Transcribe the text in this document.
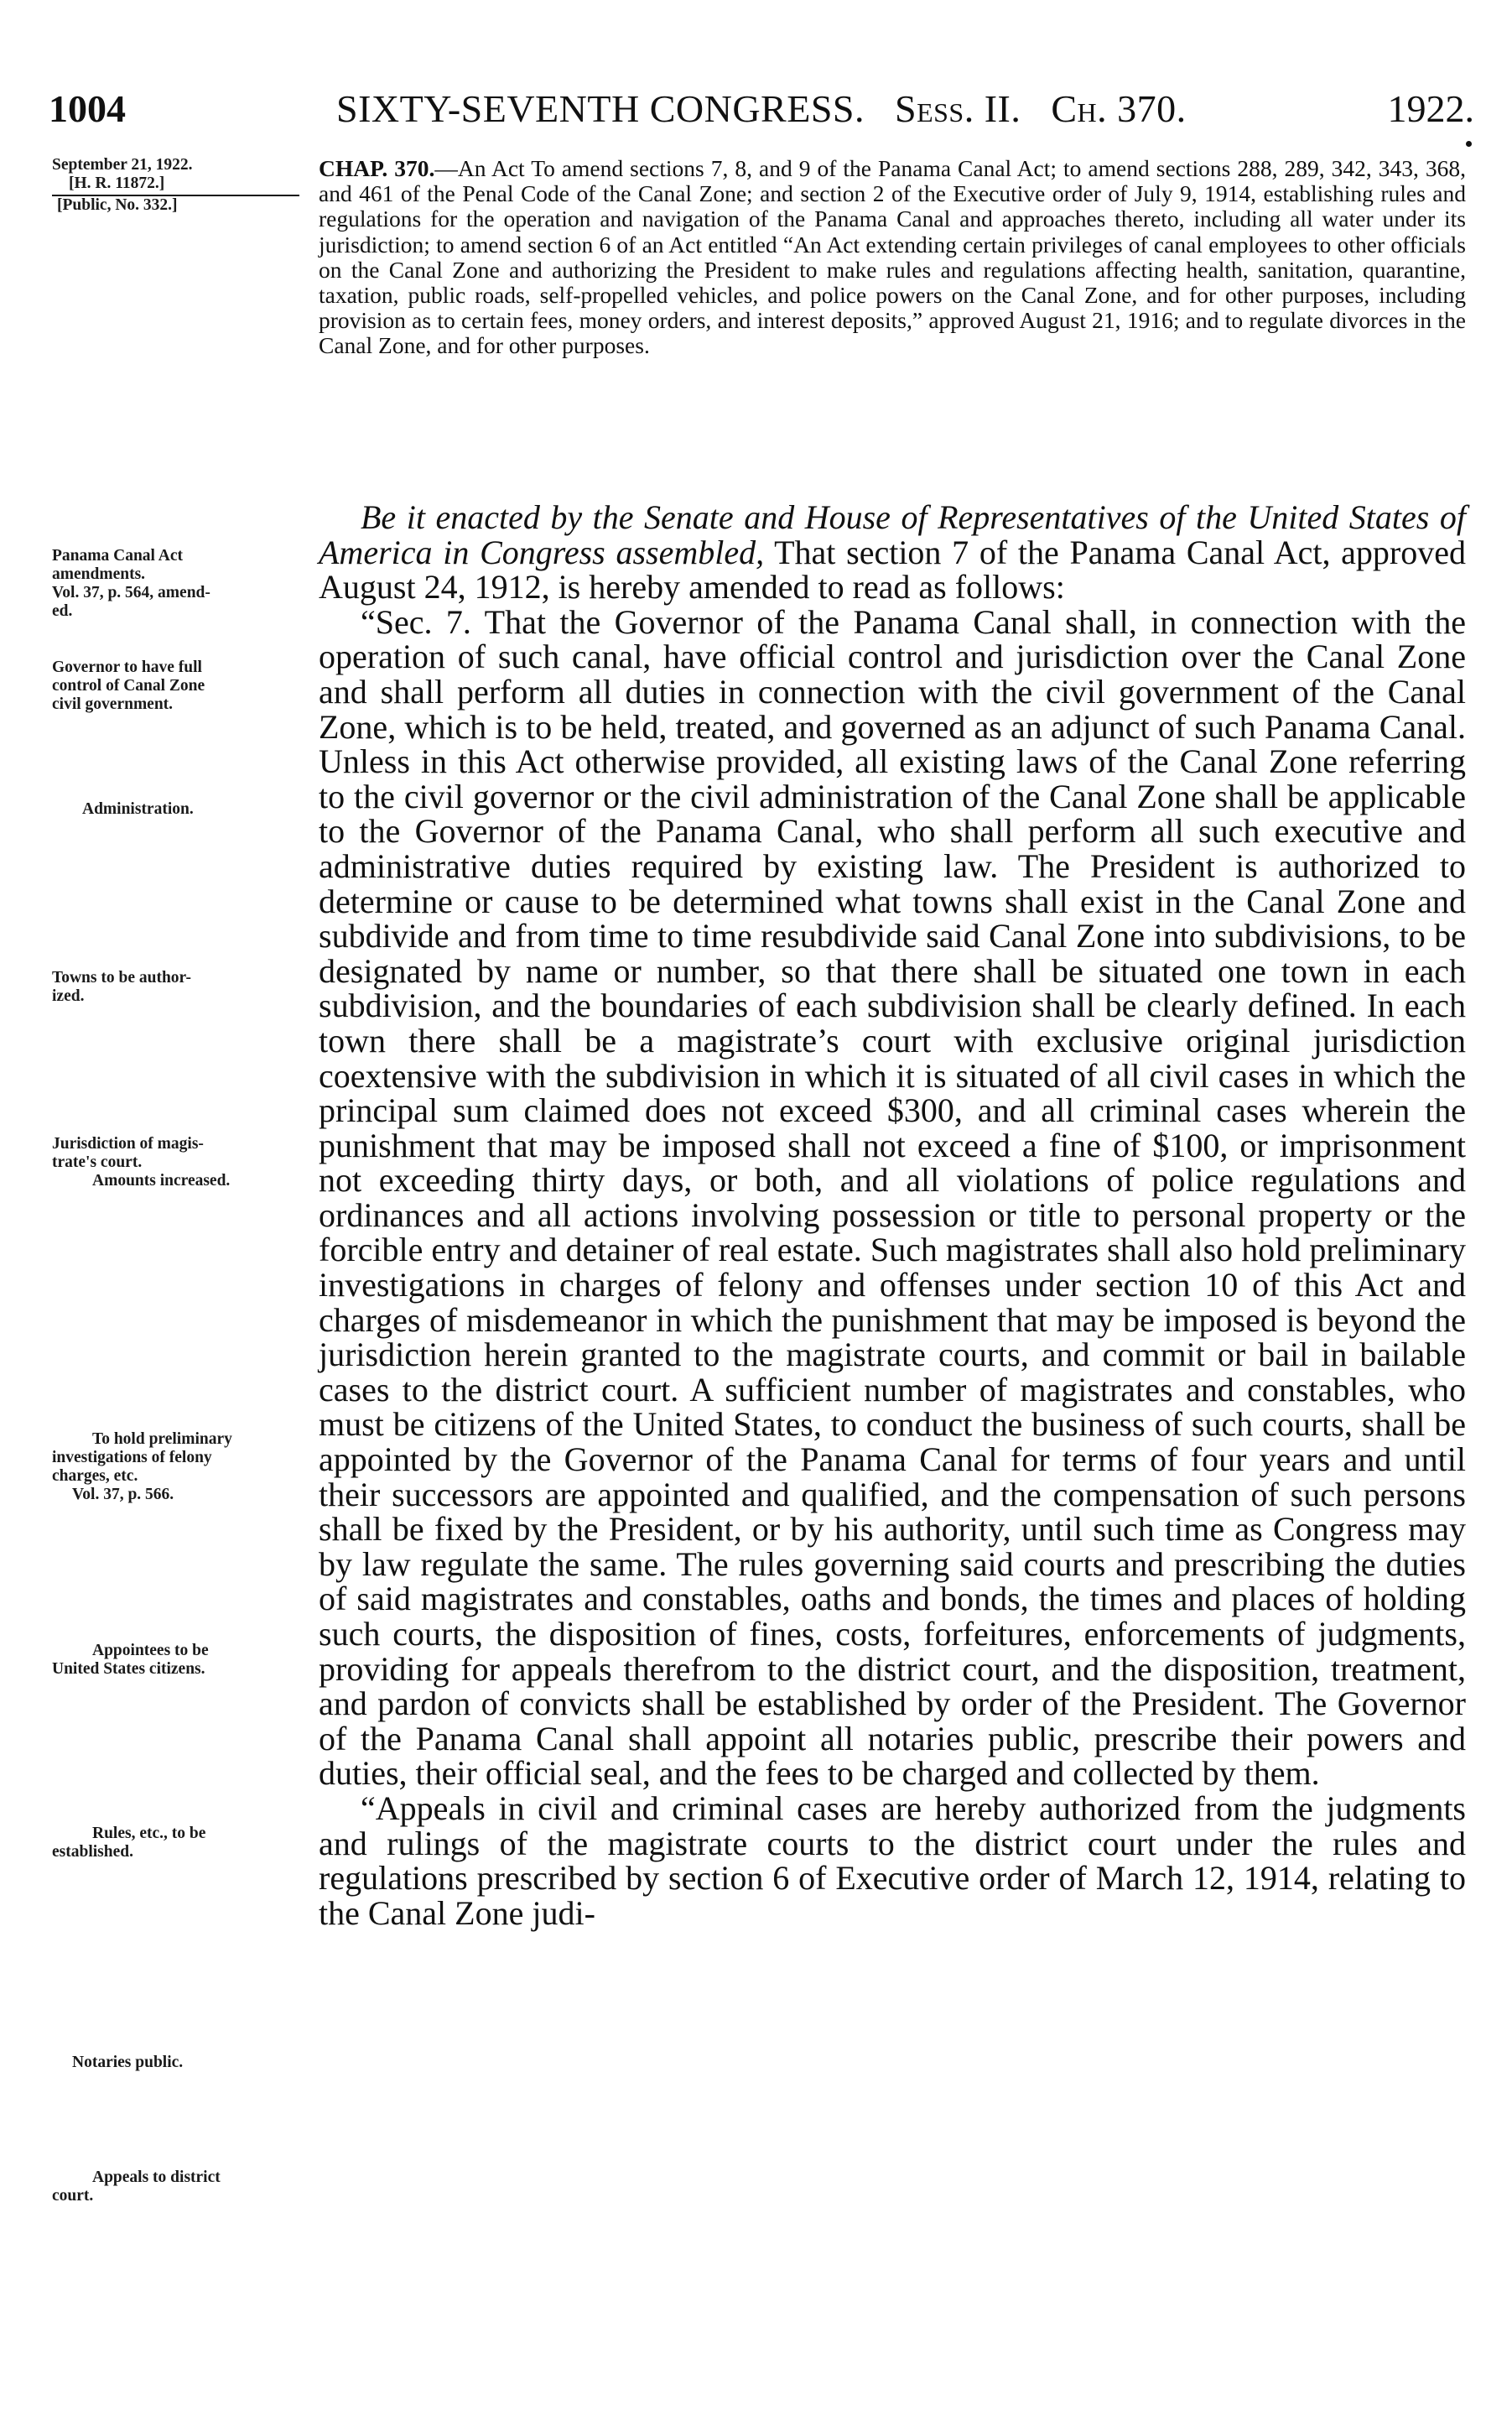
1004	SIXTY-SEVENTH CONGRESS. Sess. II. Ch. 370.	1922.
September 21, 1922.
[H. R. 11872.]
[Public, No. 332.]
Panama Canal Act
amendments.
Vol. 37, p. 564, amend-
ed.
Governor to have full
control of Canal Zone
civil government.
Administration.
Towns to be author-
ized.
Jurisdiction of magis-
trate's court.
Amounts increased.
To hold preliminary
investigations of felony
charges, etc.
Vol. 37, p. 566.
Appointees to be
United States citizens.
Rules, etc., to be
established.
Notaries public.
Appeals to district
court.
CHAP. 370.—An Act To amend sections 7, 8, and 9 of the Panama Canal Act; to amend sections 288, 289, 342, 343, 368, and 461 of the Penal Code of the Canal Zone; and section 2 of the Executive order of July 9, 1914, establishing rules and regulations for the operation and navigation of the Panama Canal and approaches thereto, including all water under its jurisdiction; to amend section 6 of an Act entitled “An Act extending certain privileges of canal employees to other officials on the Canal Zone and authorizing the President to make rules and regulations affecting health, sanitation, quarantine, taxation, public roads, self-propelled vehicles, and police powers on the Canal Zone, and for other purposes, including provision as to certain fees, money orders, and interest deposits,” approved August 21, 1916; and to regulate divorces in the Canal Zone, and for other purposes.

Be it enacted by the Senate and House of Representatives of the United States of America in Congress assembled, That section 7 of the Panama Canal Act, approved August 24, 1912, is hereby amended to read as follows:

“Sec. 7. That the Governor of the Panama Canal shall, in connection with the operation of such canal, have official control and jurisdiction over the Canal Zone and shall perform all duties in connection with the civil government of the Canal Zone, which is to be held, treated, and governed as an adjunct of such Panama Canal. Unless in this Act otherwise provided, all existing laws of the Canal Zone referring to the civil governor or the civil administration of the Canal Zone shall be applicable to the Governor of the Panama Canal, who shall perform all such executive and administrative duties required by existing law. The President is authorized to determine or cause to be determined what towns shall exist in the Canal Zone and subdivide and from time to time resubdivide said Canal Zone into subdivisions, to be designated by name or number, so that there shall be situated one town in each subdivision, and the boundaries of each subdivision shall be clearly defined. In each town there shall be a magistrate’s court with exclusive original jurisdiction coextensive with the subdivision in which it is situated of all civil cases in which the principal sum claimed does not exceed $300, and all criminal cases wherein the punishment that may be imposed shall not exceed a fine of $100, or imprisonment not exceeding thirty days, or both, and all violations of police regulations and ordinances and all actions involving possession or title to personal property or the forcible entry and detainer of real estate. Such magistrates shall also hold preliminary investigations in charges of felony and offenses under section 10 of this Act and charges of misdemeanor in which the punishment that may be imposed is beyond the jurisdiction herein granted to the magistrate courts, and commit or bail in bailable cases to the district court. A sufficient number of magistrates and constables, who must be citizens of the United States, to conduct the business of such courts, shall be appointed by the Governor of the Panama Canal for terms of four years and until their successors are appointed and qualified, and the compensation of such persons shall be fixed by the President, or by his authority, until such time as Congress may by law regulate the same. The rules governing said courts and prescribing the duties of said magistrates and constables, oaths and bonds, the times and places of holding such courts, the disposition of fines, costs, forfeitures, enforcements of judgments, providing for appeals therefrom to the district court, and the disposition, treatment, and pardon of convicts shall be established by order of the President. The Governor of the Panama Canal shall appoint all notaries public, prescribe their powers and duties, their official seal, and the fees to be charged and collected by them.

“Appeals in civil and criminal cases are hereby authorized from the judgments and rulings of the magistrate courts to the district court under the rules and regulations prescribed by section 6 of Executive order of March 12, 1914, relating to the Canal Zone judi-
